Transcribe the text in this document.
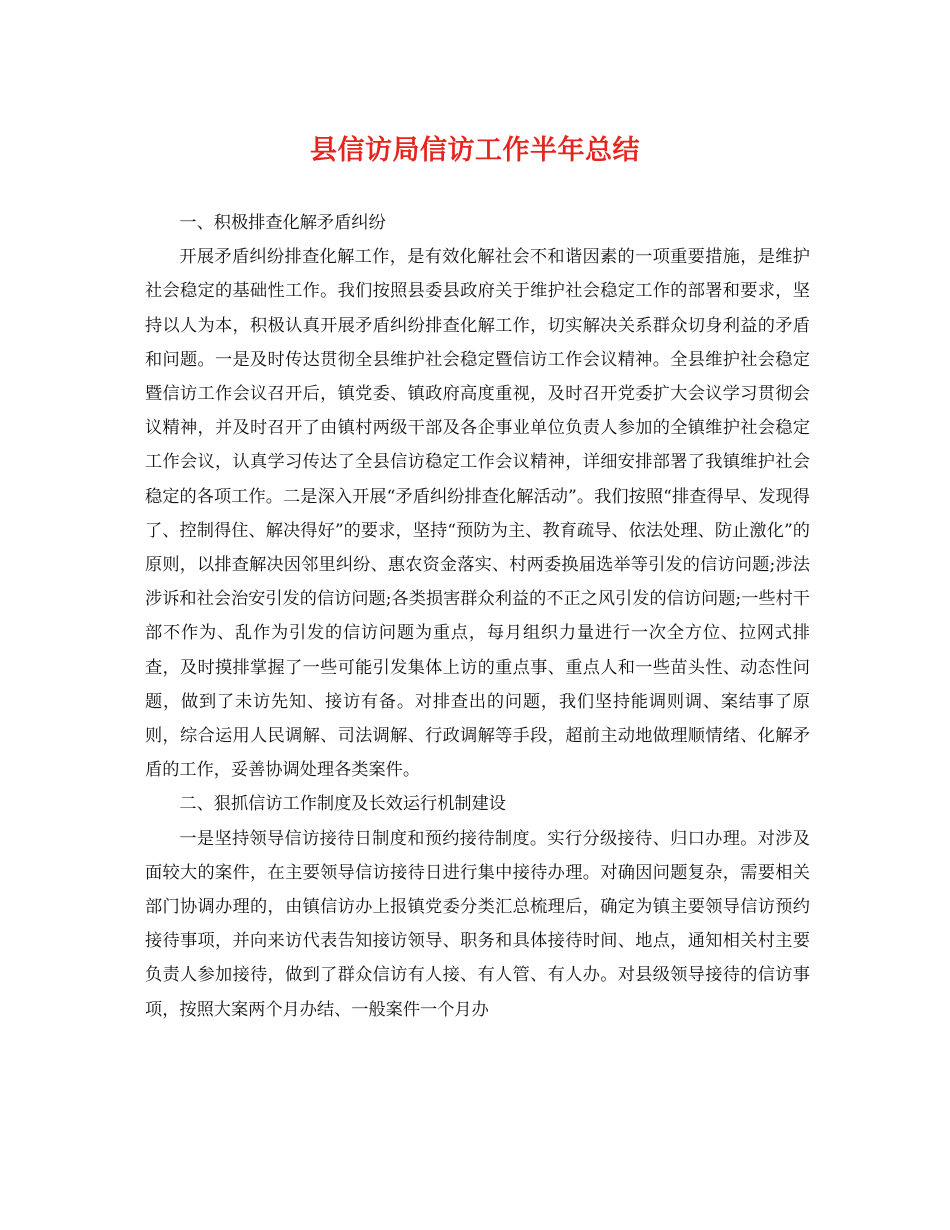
县信访局信访工作半年总结

一、积极排查化解矛盾纠纷

开展矛盾纠纷排查化解工作，是有效化解社会不和谐因素的一项重要措施，是维护社会稳定的基础性工作。我们按照县委县政府关于维护社会稳定工作的部署和要求，坚持以人为本，积极认真开展矛盾纠纷排查化解工作，切实解决关系群众切身利益的矛盾和问题。一是及时传达贯彻全县维护社会稳定暨信访工作会议精神。全县维护社会稳定暨信访工作会议召开后，镇党委、镇政府高度重视，及时召开党委扩大会议学习贯彻会议精神，并及时召开了由镇村两级干部及各企事业单位负责人参加的全镇维护社会稳定工作会议，认真学习传达了全县信访稳定工作会议精神，详细安排部署了我镇维护社会稳定的各项工作。二是深入开展“矛盾纠纷排查化解活动”。我们按照“排查得早、发现得了、控制得住、解决得好”的要求，坚持“预防为主、教育疏导、依法处理、防止激化”的原则，以排查解决因邻里纠纷、惠农资金落实、村两委换届选举等引发的信访问题;涉法涉诉和社会治安引发的信访问题;各类损害群众利益的不正之风引发的信访问题;一些村干部不作为、乱作为引发的信访问题为重点，每月组织力量进行一次全方位、拉网式排查，及时摸排掌握了一些可能引发集体上访的重点事、重点人和一些苗头性、动态性问题，做到了未访先知、接访有备。对排查出的问题，我们坚持能调则调、案结事了原则，综合运用人民调解、司法调解、行政调解等手段，超前主动地做理顺情绪、化解矛盾的工作，妥善协调处理各类案件。

二、狠抓信访工作制度及长效运行机制建设

一是坚持领导信访接待日制度和预约接待制度。实行分级接待、归口办理。对涉及面较大的案件，在主要领导信访接待日进行集中接待办理。对确因问题复杂，需要相关部门协调办理的，由镇信访办上报镇党委分类汇总梳理后，确定为镇主要领导信访预约接待事项，并向来访代表告知接访领导、职务和具体接待时间、地点，通知相关村主要负责人参加接待，做到了群众信访有人接、有人管、有人办。对县级领导接待的信访事项，按照大案两个月办结、一般案件一个月办
